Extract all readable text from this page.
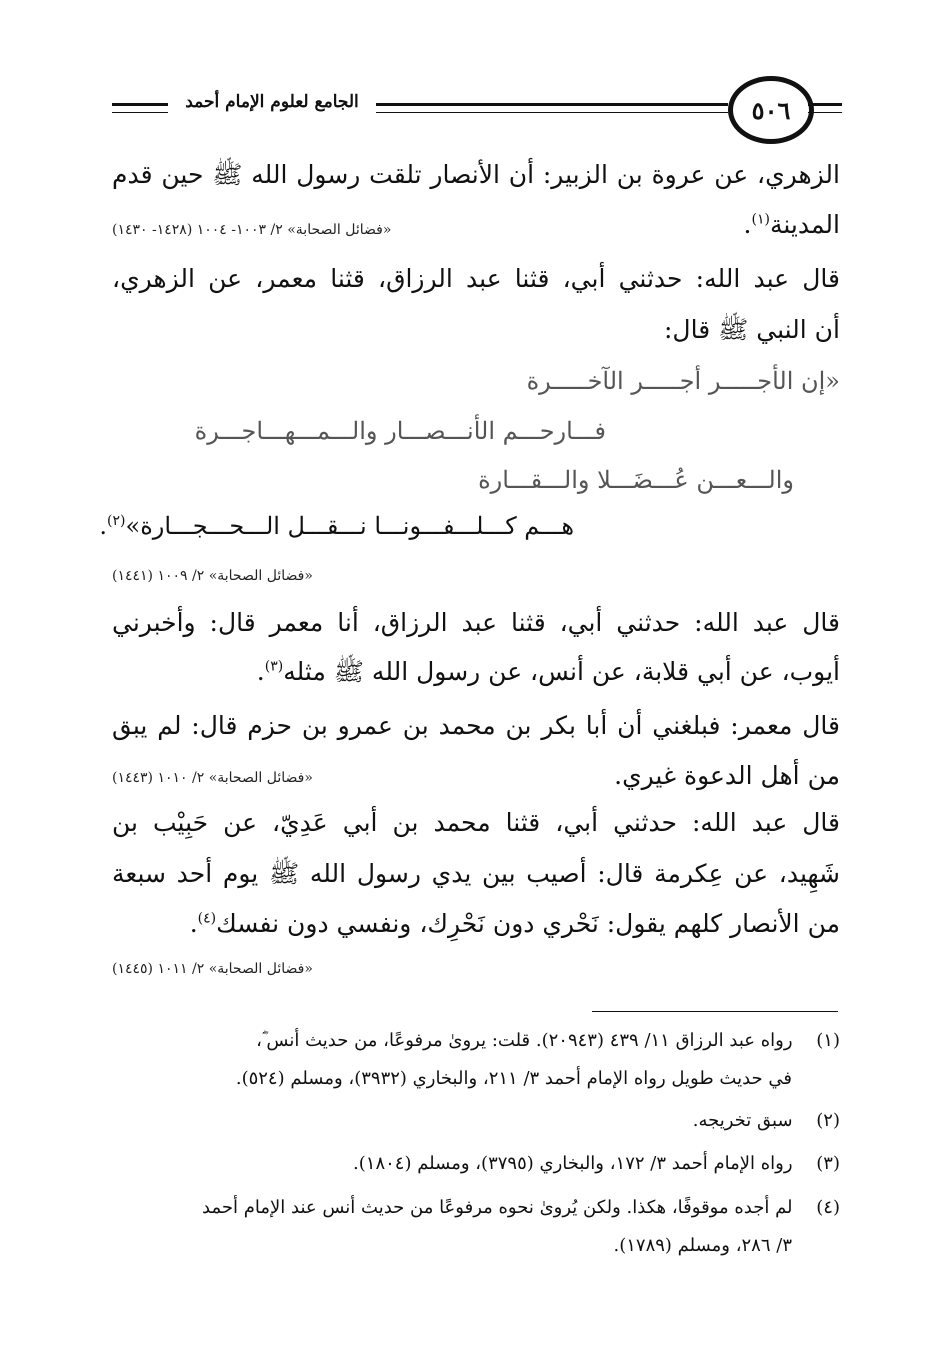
٥٠٦
الجامع لعلوم الإمام أحمد
الزهري، عن عروة بن الزبير: أن الأنصار تلقت رسول الله ﷺ حين قدم
المدينة$^{(١)}$.
«فضائل الصحابة» ٢/ ١٠٠٣- ١٠٠٤ (١٤٢٨- ١٤٣٠)
قال عبد الله: حدثني أبي، قثنا عبد الرزاق، قثنا معمر، عن الزهري،
أن النبي ﷺ قال:
«إن الأجـــــر أجـــــر الآخـــــرة
فـــارحـــم الأنـــصـــار والـــمـــهـــاجـــرة
والـــعـــن عُـــضَـــلا والـــقـــارة
هـــم كـــلـــفـــونـــا نـــقـــل الـــحـــجـــارة»$^{(٢)}$.
«فضائل الصحابة» ٢/ ١٠٠٩ (١٤٤١)
قال عبد الله: حدثني أبي، قثنا عبد الرزاق، أنا معمر قال: وأخبرني
أيوب، عن أبي قلابة، عن أنس، عن رسول الله ﷺ مثله$^{(٣)}$.
قال معمر: فبلغني أن أبا بكر بن محمد بن عمرو بن حزم قال: لم يبق
من أهل الدعوة غيري.
«فضائل الصحابة» ٢/ ١٠١٠ (١٤٤٣)
قال عبد الله: حدثني أبي، قثنا محمد بن أبي عَدِيّ، عن حَبِيْب بن
شَهِيد، عن عِكرمة قال: أصيب بين يدي رسول الله ﷺ يوم أحد سبعة
من الأنصار كلهم يقول: نَحْري دون نَحْرِك، ونفسي دون نفسك$^{(٤)}$.
«فضائل الصحابة» ٢/ ١٠١١ (١٤٤٥)
(١)  رواه عبد الرزاق ١١/ ٤٣٩ (٢٠٩٤٣). قلت: يروىٰ مرفوعًا، من حديث أنس ؓ،
في حديث طويل رواه الإمام أحمد ٣/ ٢١١، والبخاري (٣٩٣٢)، ومسلم (٥٢٤).
(٢)  سبق تخريجه.
(٣)  رواه الإمام أحمد ٣/ ١٧٢، والبخاري (٣٧٩٥)، ومسلم (١٨٠٤).
(٤)  لم أجده موقوفًا، هكذا. ولكن يُروىٰ نحوه مرفوعًا من حديث أنس عند الإمام أحمد
٣/ ٢٨٦، ومسلم (١٧٨٩).
